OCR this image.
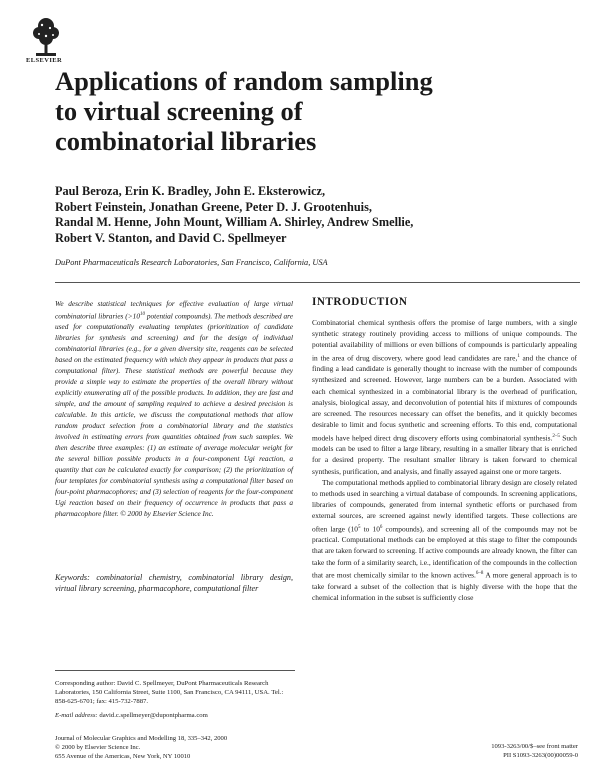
ELSEVIER
Applications of random sampling
to virtual screening of
combinatorial libraries
Paul Beroza, Erin K. Bradley, John E. Eksterowicz,
Robert Feinstein, Jonathan Greene, Peter D. J. Grootenhuis,
Randal M. Henne, John Mount, William A. Shirley, Andrew Smellie,
Robert V. Stanton, and David C. Spellmeyer
DuPont Pharmaceuticals Research Laboratories, San Francisco, California, USA

We describe statistical techniques for effective evaluation of large virtual combinatorial libraries ($>10^{10}$ potential compounds). The methods described are used for computationally evaluating templates (prioritization of candidate libraries for synthesis and screening) and for the design of individual combinatorial libraries (e.g., for a given diversity site, reagents can be selected based on the estimated frequency with which they appear in products that pass a computational filter). These statistical methods are powerful because they provide a simple way to estimate the properties of the overall library without explicitly enumerating all of the possible products. In addition, they are fast and simple, and the amount of sampling required to achieve a desired precision is calculable. In this article, we discuss the computational methods that allow random product selection from a combinatorial library and the statistics involved in estimating errors from quantities obtained from such samples. We then describe three examples: (1) an estimate of average molecular weight for the several billion possible products in a four-component Ugi reaction, a quantity that can be calculated exactly for comparison; (2) the prioritization of four templates for combinatorial synthesis using a computational filter based on four-point pharmacophores; and (3) selection of reagents for the four-component Ugi reaction based on their frequency of occurrence in products that pass a pharmacophore filter. © 2000 by Elsevier Science Inc.

Keywords: combinatorial chemistry, combinatorial library design, virtual library screening, pharmacophore, computational filter

Corresponding author: David C. Spellmeyer, DuPont Pharmaceuticals Research Laboratories, 150 California Street, Suite 1100, San Francisco, CA 94111, USA. Tel.: 858-625-6701; fax: 415-732-7887.

E-mail address: david.c.spellmeyer@dupontpharma.com

INTRODUCTION

Combinatorial chemical synthesis offers the promise of large numbers, with a single synthetic strategy routinely providing access to millions of unique compounds. The potential availability of millions or even billions of compounds is particularly appealing in the area of drug discovery, where good lead candidates are rare,$^1$ and the chance of finding a lead candidate is generally thought to increase with the number of compounds synthesized and screened. However, large numbers can be a burden. Associated with each chemical synthesized in a combinatorial library is the overhead of purification, analysis, biological assay, and deconvolution of potential hits if mixtures of compounds are screened. The resources necessary can offset the benefits, and it quickly becomes desirable to limit and focus synthetic and screening efforts. To this end, computational models have helped direct drug discovery efforts using combinatorial synthesis.$^{2-5}$ Such models can be used to filter a large library, resulting in a smaller library that is enriched for a desired property. The resultant smaller library is taken forward to chemical synthesis, purification, and analysis, and finally assayed against one or more targets.

The computational methods applied to combinatorial library design are closely related to methods used in searching a virtual database of compounds. In screening applications, libraries of compounds, generated from internal synthetic efforts or purchased from external sources, are screened against newly identified targets. These collections are often large ($10^5$ to $10^6$ compounds), and screening all of the compounds may not be practical. Computational methods can be employed at this stage to filter the compounds that are taken forward to screening. If active compounds are already known, the filter can take the form of a similarity search, i.e., identification of the compounds in the collection that are most chemically similar to the known actives.$^{6-8}$ A more general approach is to take forward a subset of the collection that is highly diverse with the hope that the chemical information in the subset is sufficiently close

Journal of Molecular Graphics and Modelling 18, 335–342, 2000
© 2000 by Elsevier Science Inc.
655 Avenue of the Americas, New York, NY 10010
1093-3263/00/$–see front matter
PII S1093-3263(00)00059-0
